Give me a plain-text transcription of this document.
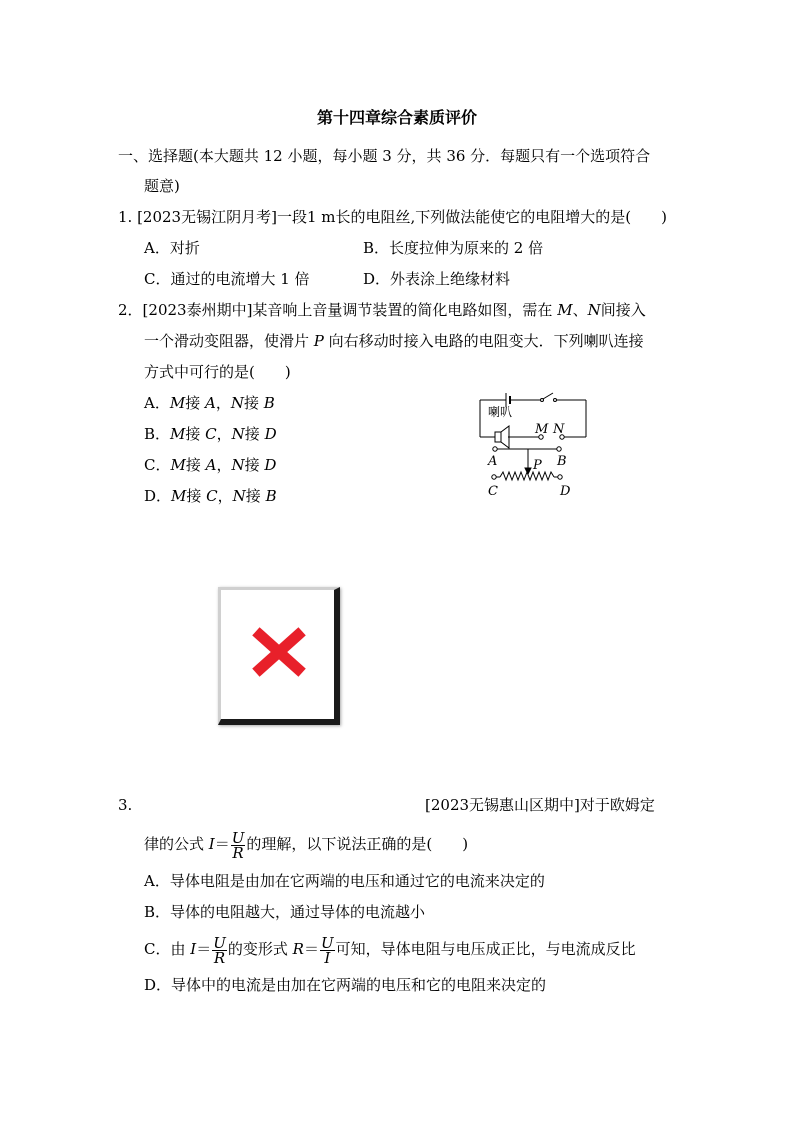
第十四章综合素质评价
一、选择题(本大题共 12 小题，每小题 3 分，共 36 分．每题只有一个选项符合
题意)
1. [2023无锡江阴月考]一段1 m长的电阻丝,下列做法能使它的电阻增大的是(　　)
A．对折	B．长度拉伸为原来的 2 倍
C．通过的电流增大 1 倍	D．外表涂上绝缘材料
2．[2023泰州期中]某音响上音量调节装置的简化电路如图，需在 M、N间接入
一个滑动变阻器，使滑片 P 向右移动时接入电路的电阻变大．下列喇叭连接
方式中可行的是(　　)
A．M接 A，N接 B
B．M接 C，N接 D
C．M接 A，N接 D
D．M接 C，N接 B
喇叭
M N
A	B
P
C	D
3.	[2023无锡惠山区期中]对于欧姆定
律的公式 $I= \frac{U}{R}$ 的理解，以下说法正确的是(　　)
A．导体电阻是由加在它两端的电压和通过它的电流来决定的
B．导体的电阻越大，通过导体的电流越小
C．由 $I= \frac{U}{R}$ 的变形式 $R= \frac{U}{I}$ 可知，导体电阻与电压成正比，与电流成反比
D．导体中的电流是由加在它两端的电压和它的电阻来决定的
